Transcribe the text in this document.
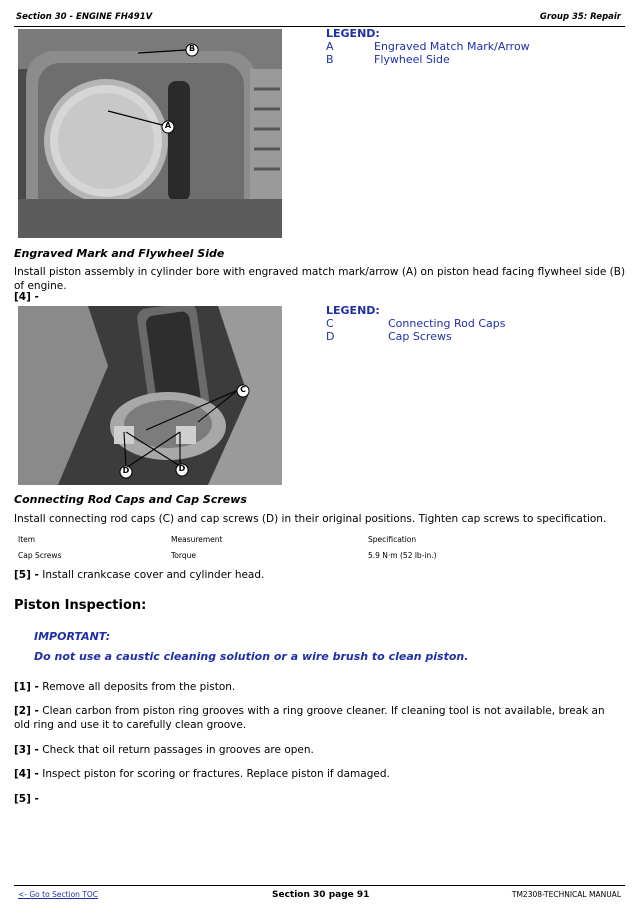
Section 30 - ENGINE FH491V	Group 35: Repair
B
A
LEGEND:
A	Engraved Match Mark/Arrow
B	Flywheel Side
Engraved Mark and Flywheel Side
Install piston assembly in cylinder bore with engraved match mark/arrow (A) on piston head facing flywheel side (B) of engine.
[4] -
C
D	D
LEGEND:
C	Connecting Rod Caps
D	Cap Screws
Connecting Rod Caps and Cap Screws
Install connecting rod caps (C) and cap screws (D) in their original positions. Tighten cap screws to specification.
Item	Measurement	Specification
Cap Screws	Torque	5.9 N·m (52 lb-in.)
[5] - Install crankcase cover and cylinder head.
Piston Inspection:
IMPORTANT:
Do not use a caustic cleaning solution or a wire brush to clean piston.
[1] - Remove all deposits from the piston.
[2] - Clean carbon from piston ring grooves with a ring groove cleaner. If cleaning tool is not available, break an old ring and use it to carefully clean groove.
[3] - Check that oil return passages in grooves are open.
[4] - Inspect piston for scoring or fractures. Replace piston if damaged.
[5] -
<- Go to Section TOC	Section 30 page 91	TM2308-TECHNICAL MANUAL
